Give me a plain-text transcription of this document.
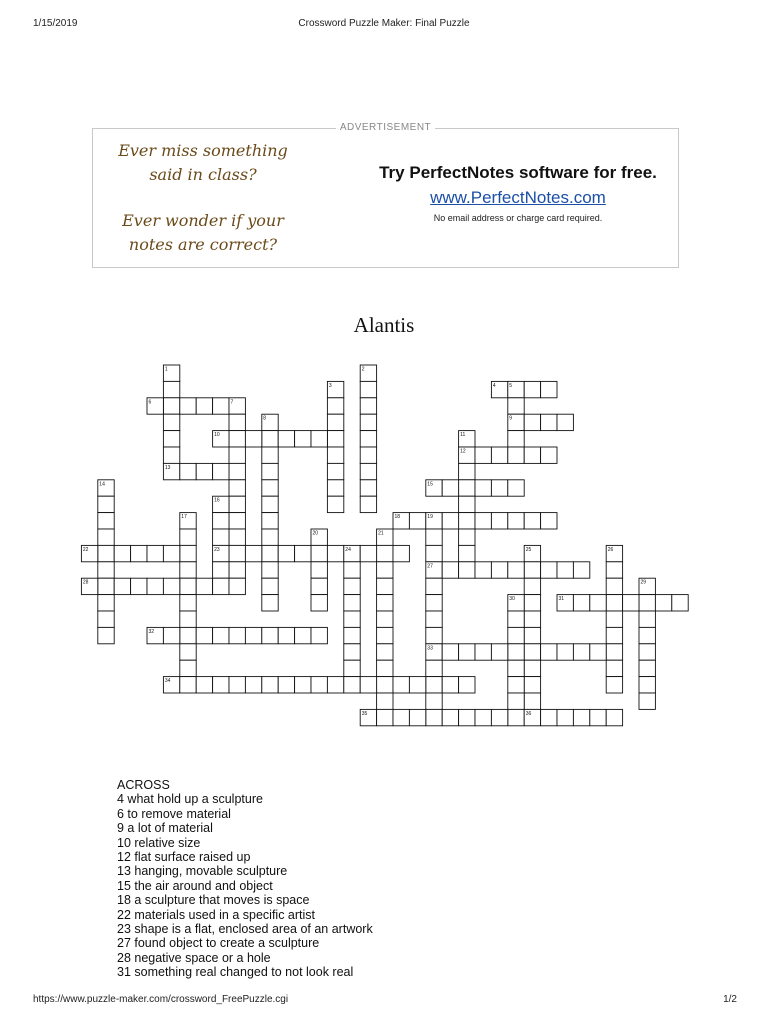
1/15/2019	Crossword Puzzle Maker: Final Puzzle
ADVERTISEMENT
Ever miss something
said in class?
Ever wonder if your
notes are correct?
Try PerfectNotes software for free.
www.PerfectNotes.com
No email address or charge card required.
Alantis
1	2
3	4	5
6	7
8	9
10	11
12
13
14	15
16
17	18	19
20	21
22	23	24	25	26
27
28	29
30	31
32
33
34
35	36
ACROSS
4 what hold up a sculpture
6 to remove material
9 a lot of material
10 relative size
12 flat surface raised up
13 hanging, movable sculpture
15 the air around and object
18 a sculpture that moves is space
22 materials used in a specific artist
23 shape is a flat, enclosed area of an artwork
27 found object to create a sculpture
28 negative space or a hole
31 something real changed to not look real
https://www.puzzle-maker.com/crossword_FreePuzzle.cgi	1/2
